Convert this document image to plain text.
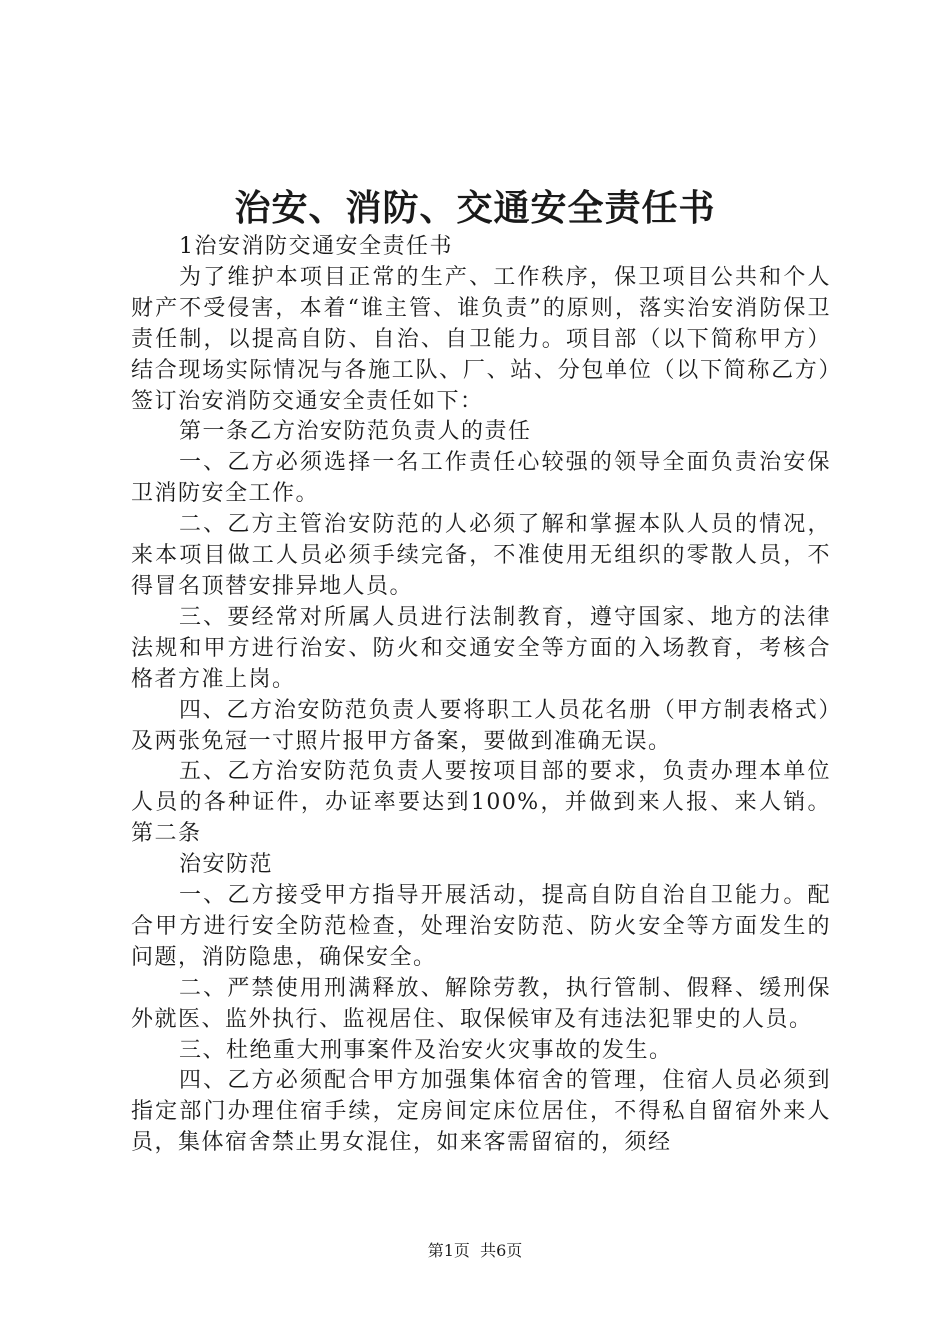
治安、消防、交通安全责任书

1治安消防交通安全责任书

为了维护本项目正常的生产、工作秩序，保卫项目公共和个人财产不受侵害，本着“谁主管、谁负责”的原则，落实治安消防保卫责任制，以提高自防、自治、自卫能力。项目部（以下简称甲方）结合现场实际情况与各施工队、厂、站、分包单位（以下简称乙方）签订治安消防交通安全责任如下：

第一条乙方治安防范负责人的责任

一、乙方必须选择一名工作责任心较强的领导全面负责治安保卫消防安全工作。

二、乙方主管治安防范的人必须了解和掌握本队人员的情况，来本项目做工人员必须手续完备，不准使用无组织的零散人员，不得冒名顶替安排异地人员。

三、要经常对所属人员进行法制教育，遵守国家、地方的法律法规和甲方进行治安、防火和交通安全等方面的入场教育，考核合格者方准上岗。

四、乙方治安防范负责人要将职工人员花名册（甲方制表格式）及两张免冠一寸照片报甲方备案，要做到准确无误。

五、乙方治安防范负责人要按项目部的要求，负责办理本单位人员的各种证件，办证率要达到100%，并做到来人报、来人销。第二条

治安防范

一、乙方接受甲方指导开展活动，提高自防自治自卫能力。配合甲方进行安全防范检查，处理治安防范、防火安全等方面发生的问题，消防隐患，确保安全。

二、严禁使用刑满释放、解除劳教，执行管制、假释、缓刑保外就医、监外执行、监视居住、取保候审及有违法犯罪史的人员。

三、杜绝重大刑事案件及治安火灾事故的发生。

四、乙方必须配合甲方加强集体宿舍的管理，住宿人员必须到指定部门办理住宿手续，定房间定床位居住，不得私自留宿外来人员，集体宿舍禁止男女混住，如来客需留宿的，须经

第1页 共6页
